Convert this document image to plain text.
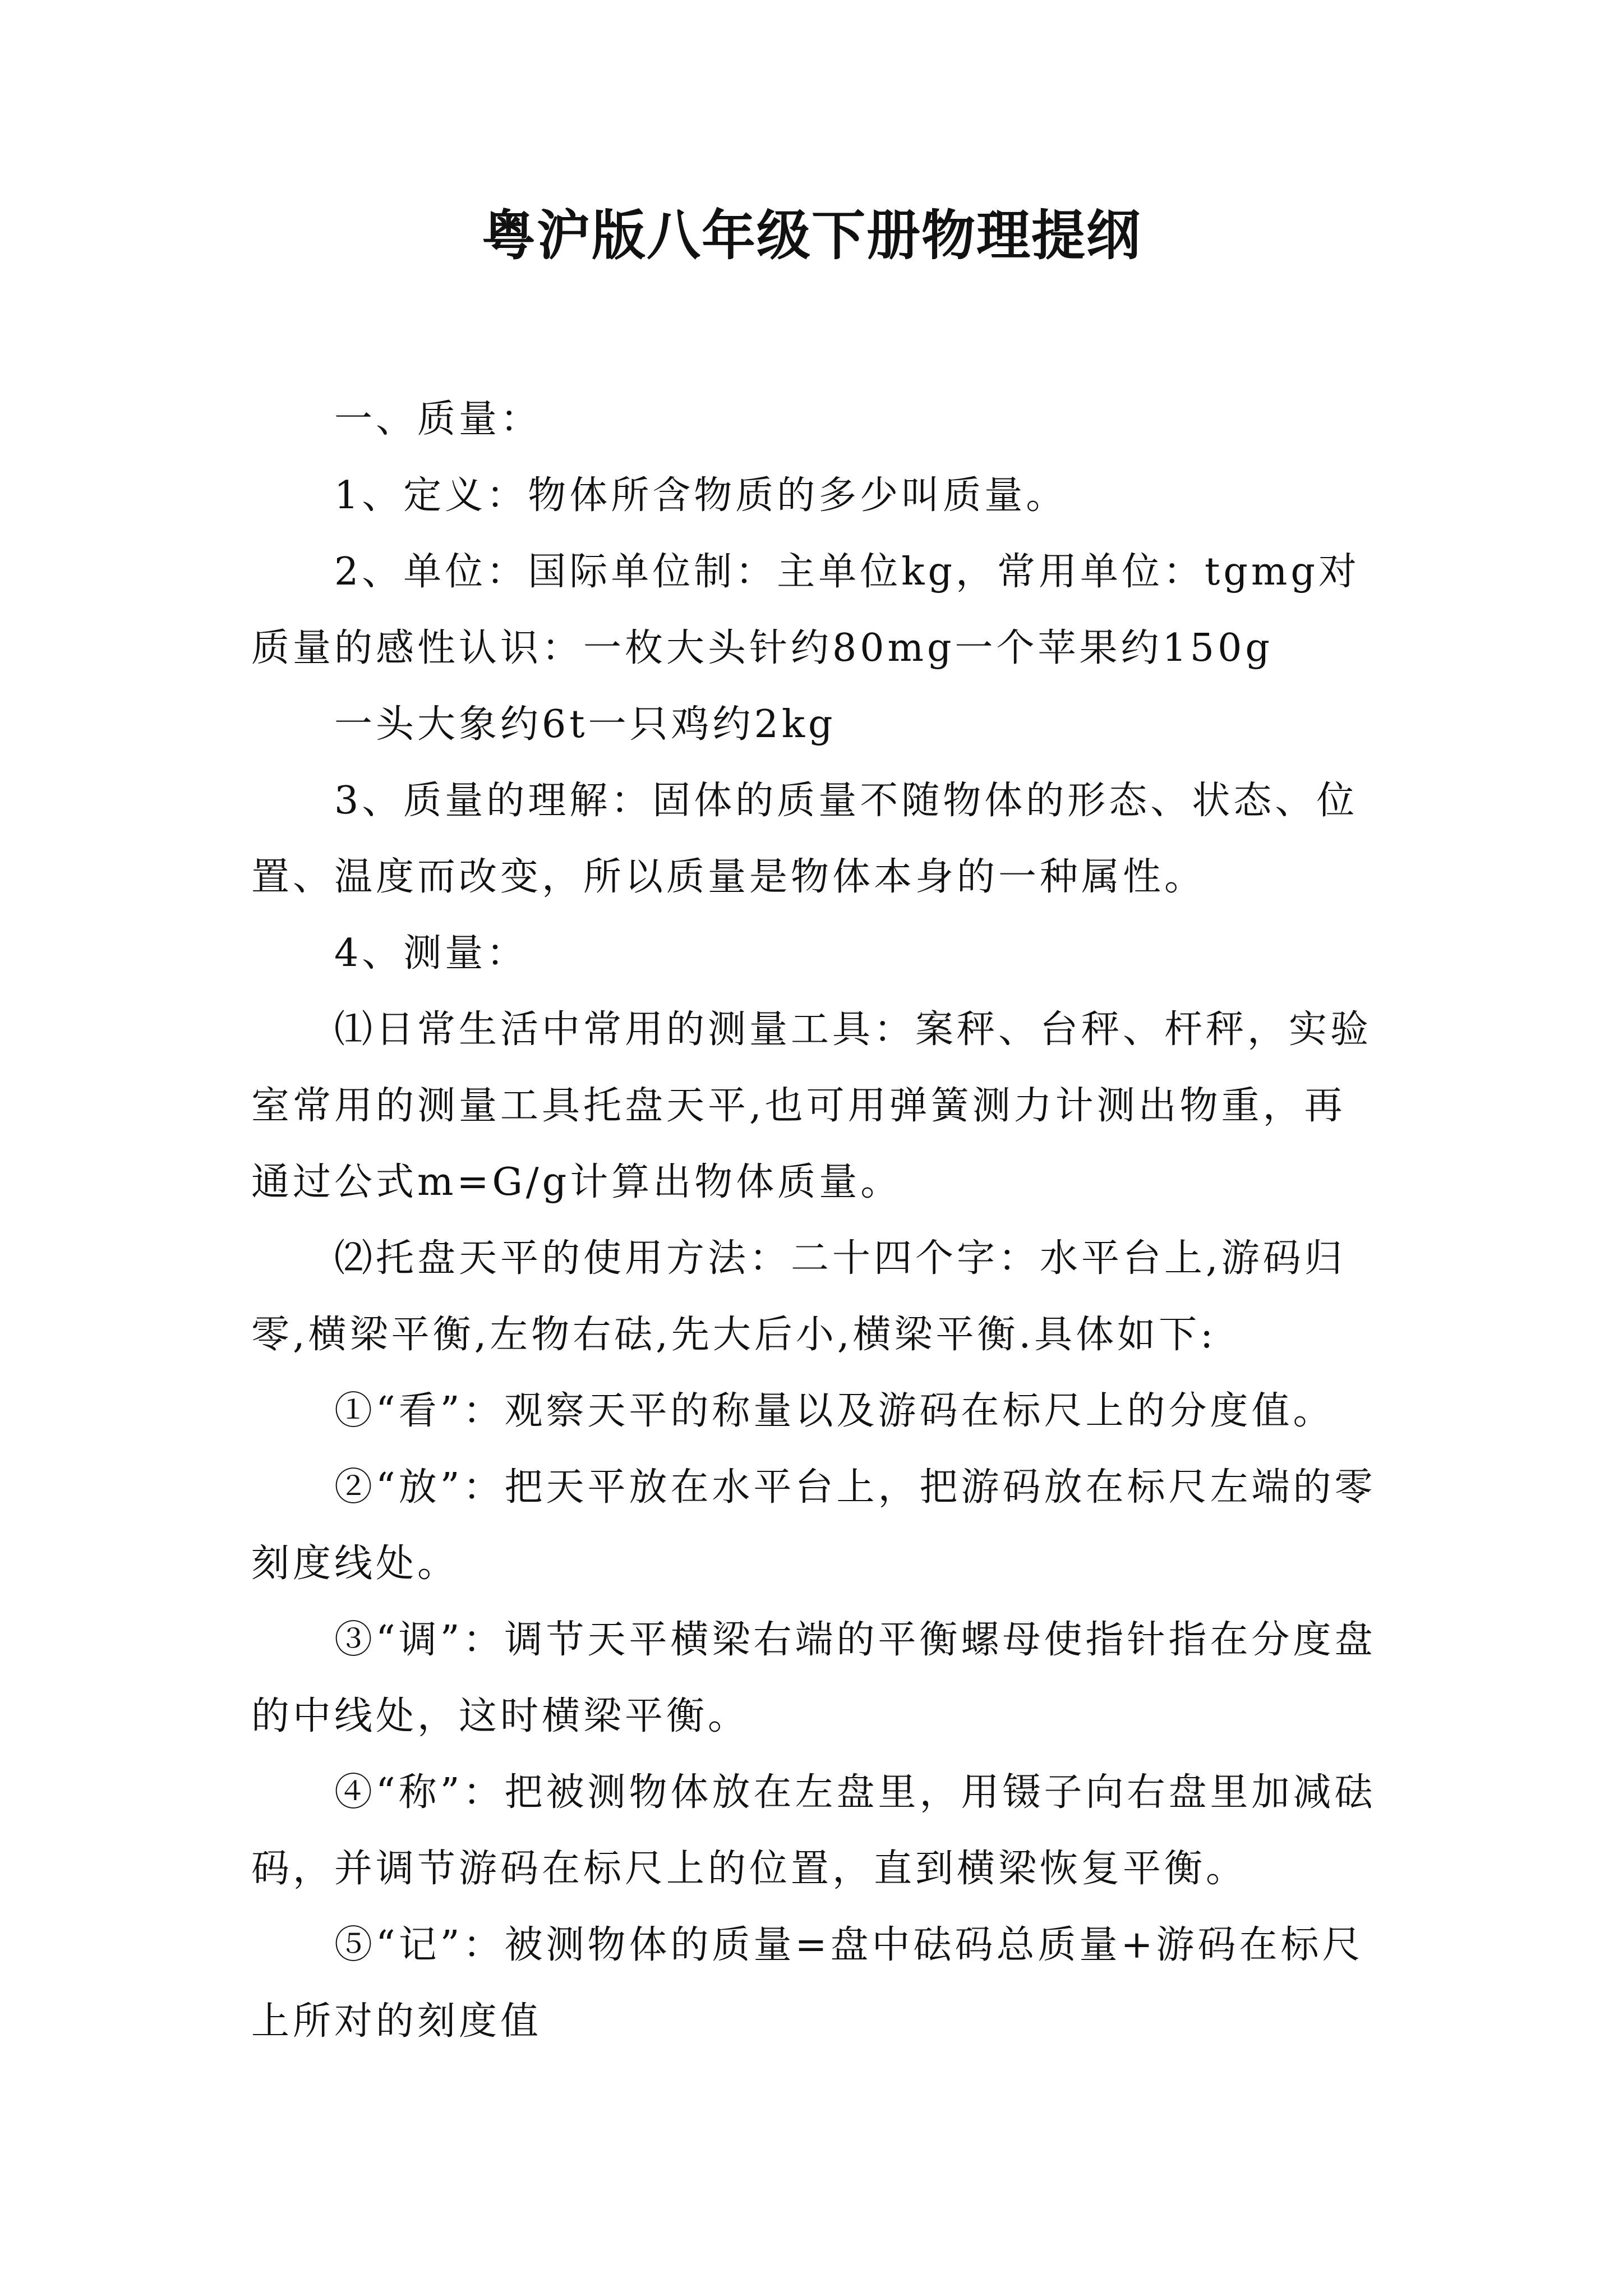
粤沪版八年级下册物理提纲

一、质量：

1、定义：物体所含物质的多少叫质量。

2、单位：国际单位制：主单位kg，常用单位：tgmg对质量的感性认识：一枚大头针约80mg一个苹果约150g

一头大象约6t一只鸡约2kg

3、质量的理解：固体的质量不随物体的形态、状态、位置、温度而改变，所以质量是物体本身的一种属性。

4、测量：

⑴日常生活中常用的测量工具：案秤、台秤、杆秤，实验室常用的测量工具托盘天平,也可用弹簧测力计测出物重，再通过公式m=G/g计算出物体质量。

⑵托盘天平的使用方法：二十四个字：水平台上,游码归零,横梁平衡,左物右砝,先大后小,横梁平衡.具体如下:

①“看”：观察天平的称量以及游码在标尺上的分度值。

②“放”：把天平放在水平台上，把游码放在标尺左端的零刻度线处。

③“调”：调节天平横梁右端的平衡螺母使指针指在分度盘的中线处，这时横梁平衡。

④“称”：把被测物体放在左盘里，用镊子向右盘里加减砝码，并调节游码在标尺上的位置，直到横梁恢复平衡。

⑤“记”：被测物体的质量=盘中砝码总质量+游码在标尺上所对的刻度值
